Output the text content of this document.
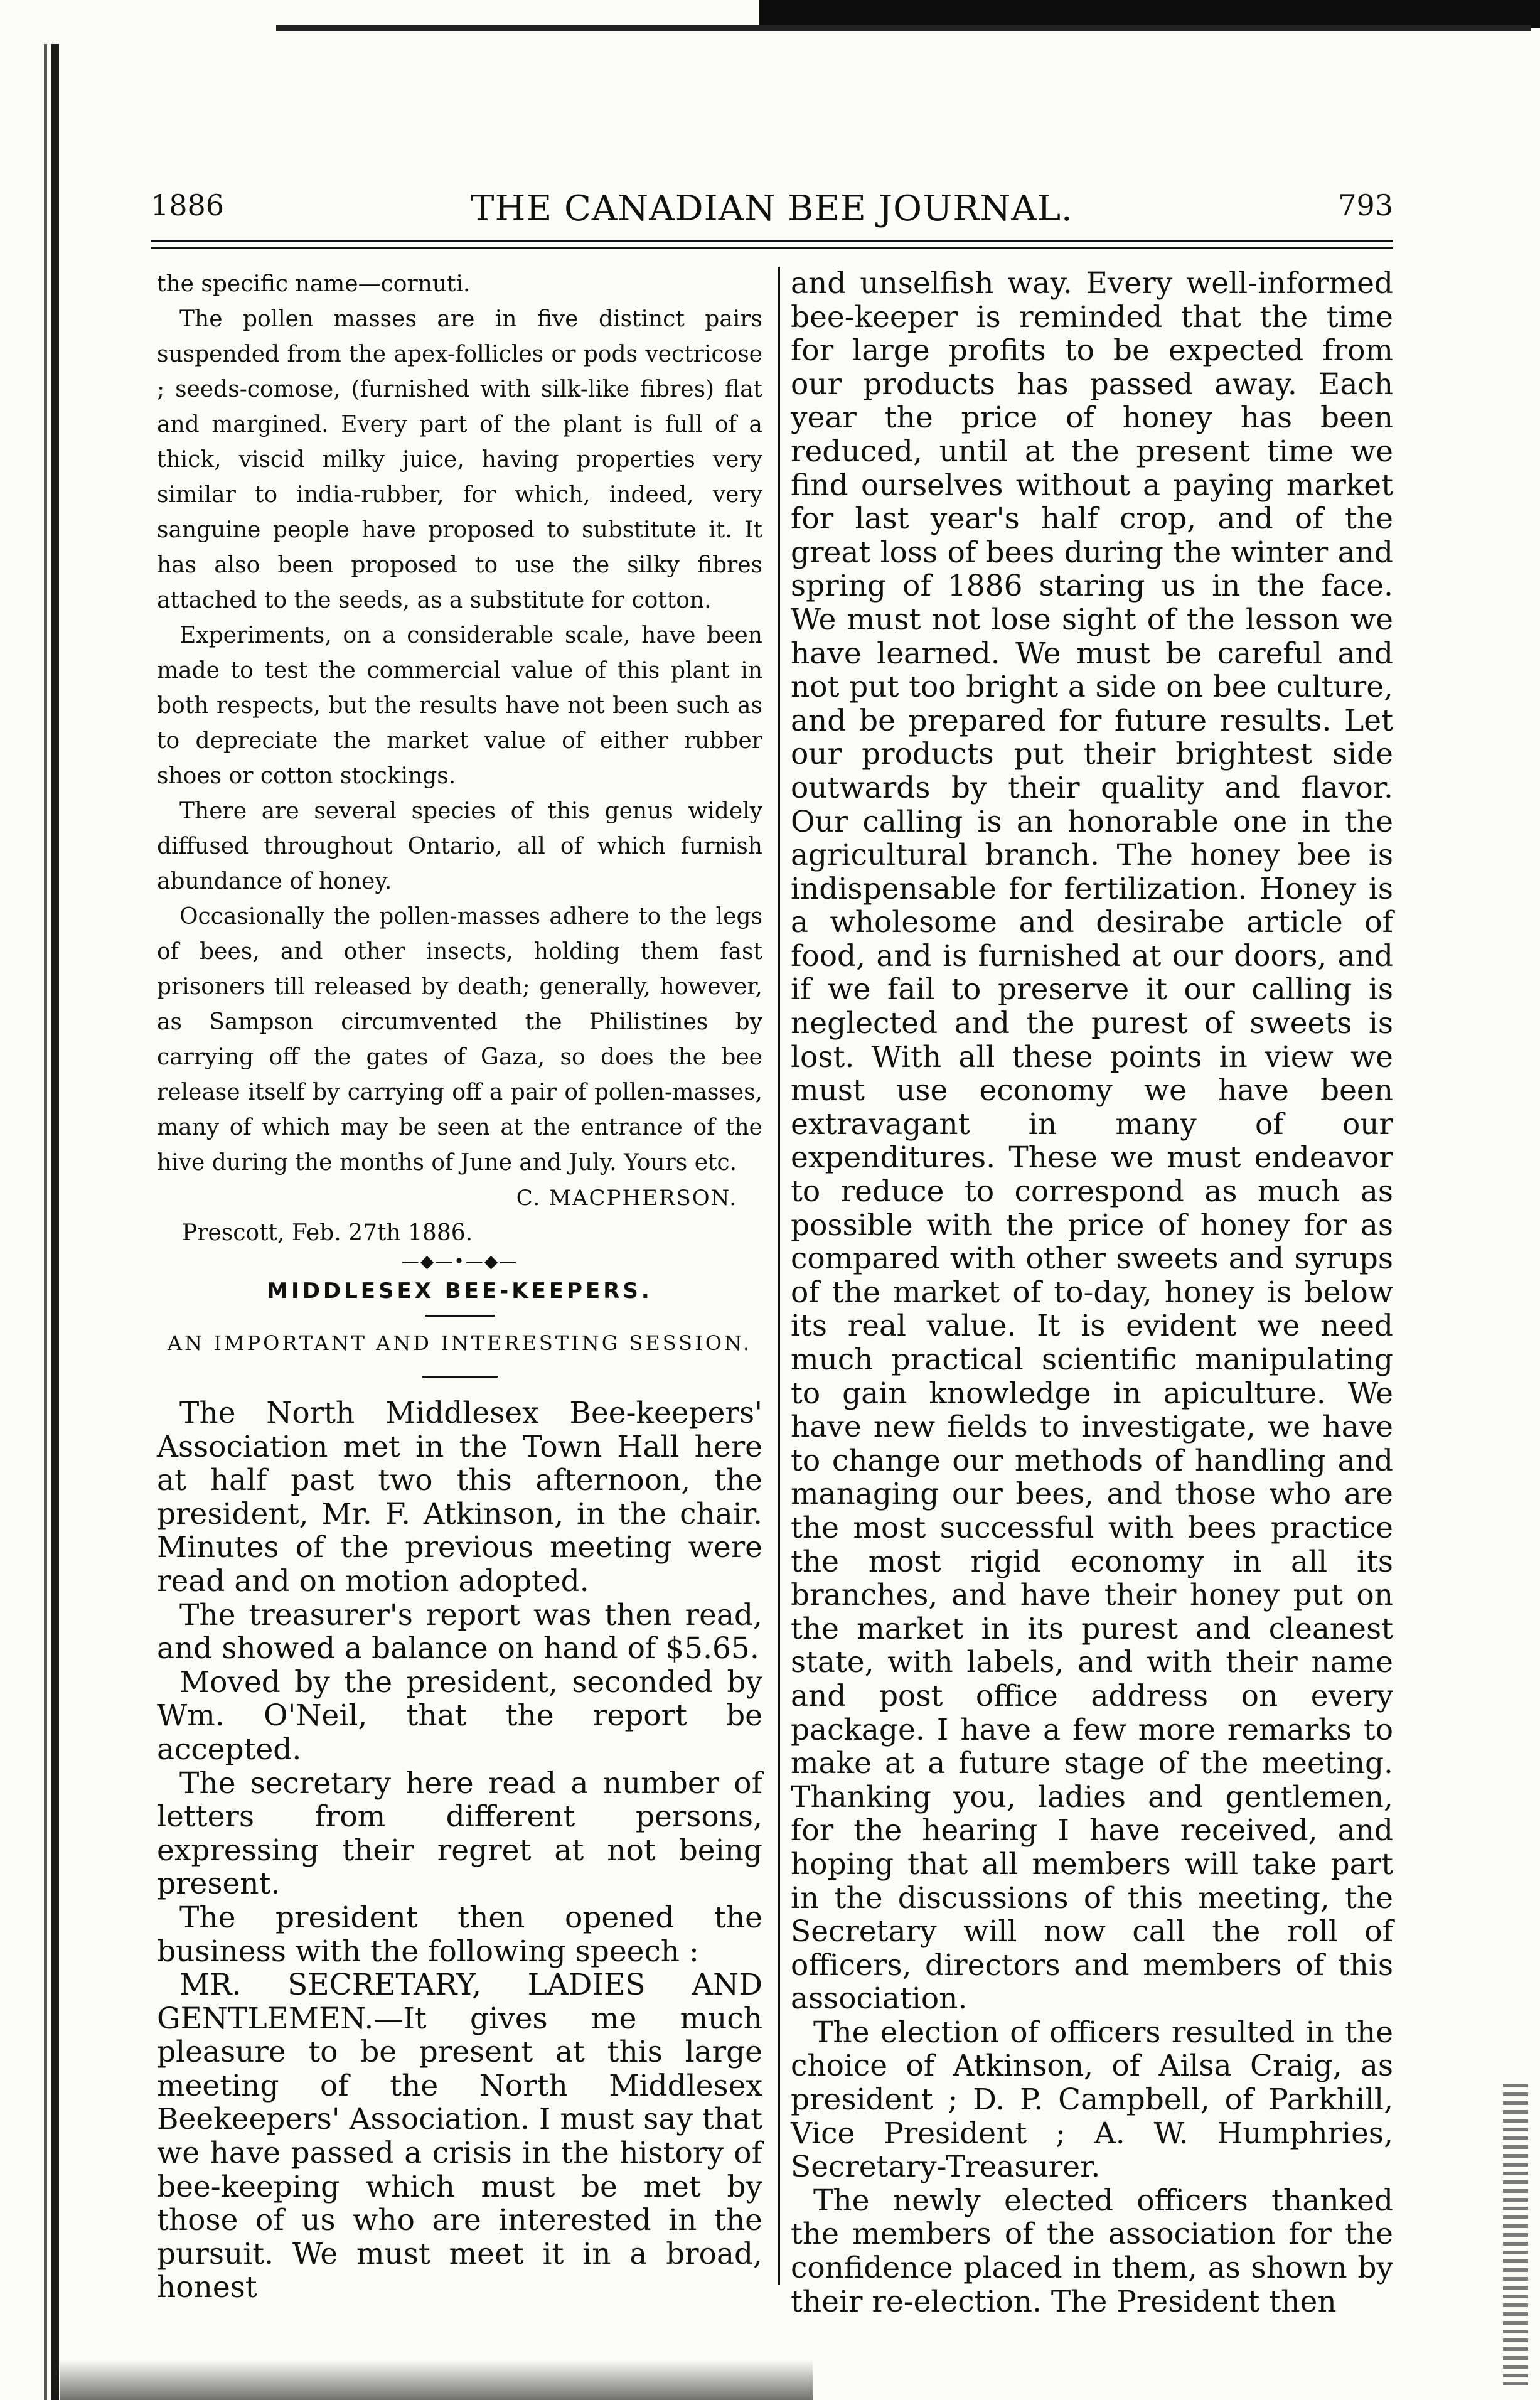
1886	THE CANADIAN BEE JOURNAL.	793

the specific name—cornuti.

The pollen masses are in five distinct pairs suspended from the apex-follicles or pods vectricose ; seeds-comose, (furnished with silk-like fibres) flat and margined. Every part of the plant is full of a thick, viscid milky juice, having properties very similar to india-rubber, for which, indeed, very sanguine people have proposed to substitute it. It has also been proposed to use the silky fibres attached to the seeds, as a substitute for cotton.

Experiments, on a considerable scale, have been made to test the commercial value of this plant in both respects, but the results have not been such as to depreciate the market value of either rubber shoes or cotton stockings.

There are several species of this genus widely diffused throughout Ontario, all of which furnish abundance of honey.

Occasionally the pollen-masses adhere to the legs of bees, and other insects, holding them fast prisoners till released by death; generally, however, as Sampson circumvented the Philistines by carrying off the gates of Gaza, so does the bee release itself by carrying off a pair of pollen-masses, many of which may be seen at the entrance of the hive during the months of June and July. Yours etc.

C. MACPHERSON.
Prescott, Feb. 27th 1886.
—◆—•—◆—
MIDDLESEX BEE-KEEPERS.
AN IMPORTANT AND INTERESTING SESSION.

The North Middlesex Bee-keepers' Association met in the Town Hall here at half past two this afternoon, the president, Mr. F. Atkinson, in the chair. Minutes of the previous meeting were read and on motion adopted.

The treasurer's report was then read, and showed a balance on hand of $5.65.

Moved by the president, seconded by Wm. O'Neil, that the report be accepted.

The secretary here read a number of letters from different persons, expressing their regret at not being present.

The president then opened the business with the following speech :

MR. SECRETARY, LADIES AND GENTLEMEN.—It gives me much pleasure to be present at this large meeting of the North Middlesex Beekeepers' Association. I must say that we have passed a crisis in the history of bee-keeping which must be met by those of us who are interested in the pursuit. We must meet it in a broad, honest

and unselfish way. Every well-informed bee-keeper is reminded that the time for large profits to be expected from our products has passed away. Each year the price of honey has been reduced, until at the present time we find ourselves without a paying market for last year's half crop, and of the great loss of bees during the winter and spring of 1886 staring us in the face. We must not lose sight of the lesson we have learned. We must be careful and not put too bright a side on bee culture, and be prepared for future results. Let our products put their brightest side outwards by their quality and flavor. Our calling is an honorable one in the agricultural branch. The honey bee is indispensable for fertilization. Honey is a wholesome and desirabe article of food, and is furnished at our doors, and if we fail to preserve it our calling is neglected and the purest of sweets is lost. With all these points in view we must use economy we have been extravagant in many of our expenditures. These we must endeavor to reduce to correspond as much as possible with the price of honey for as compared with other sweets and syrups of the market of to-day, honey is below its real value. It is evident we need much practical scientific manipulating to gain knowledge in apiculture. We have new fields to investigate, we have to change our methods of handling and managing our bees, and those who are the most successful with bees practice the most rigid economy in all its branches, and have their honey put on the market in its purest and cleanest state, with labels, and with their name and post office address on every package. I have a few more remarks to make at a future stage of the meeting. Thanking you, ladies and gentlemen, for the hearing I have received, and hoping that all members will take part in the discussions of this meeting, the Secretary will now call the roll of officers, directors and members of this association.

The election of officers resulted in the choice of Atkinson, of Ailsa Craig, as president ; D. P. Campbell, of Parkhill, Vice President ; A. W. Humphries, Secretary-Treasurer.

The newly elected officers thanked the members of the association for the confidence placed in them, as shown by their re-election. The President then
